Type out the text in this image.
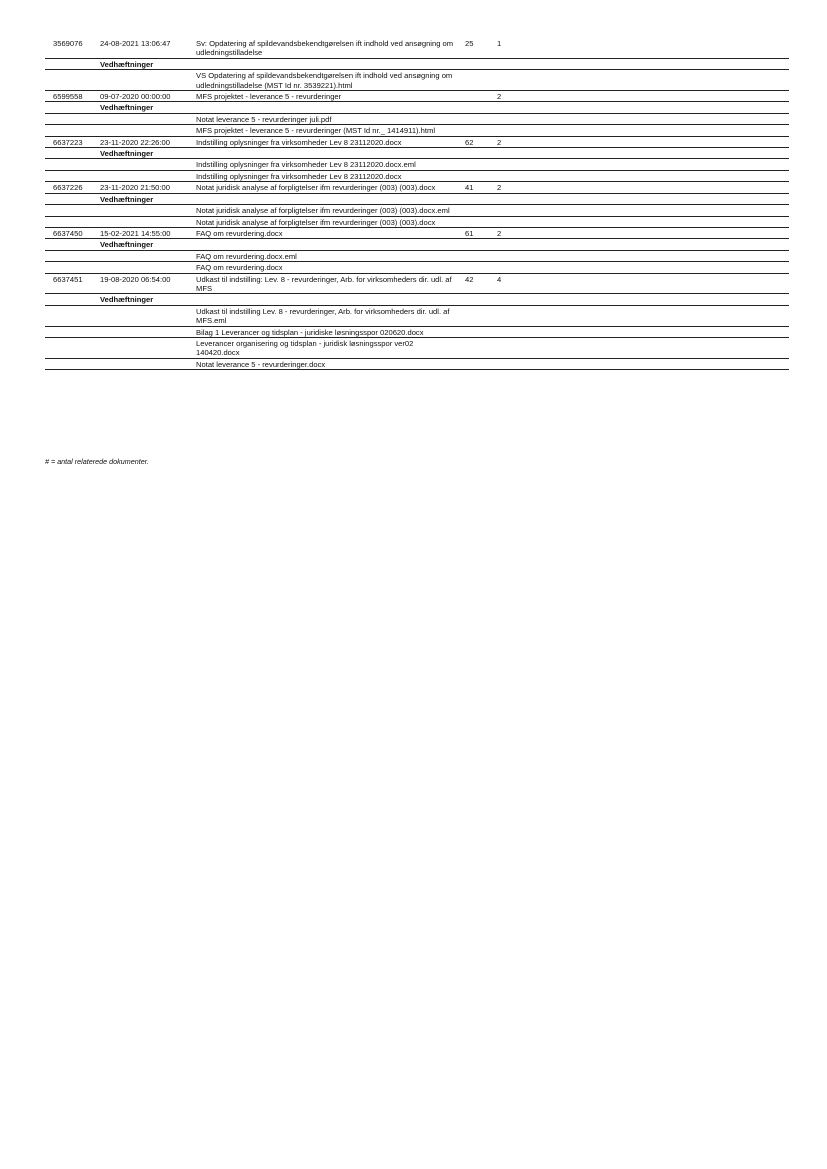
3569076	24-08-2021 13:06:47	Sv: Opdatering af spildevandsbekendtgørelsen ift indhold ved ansøgning om udledningstilladelse	25	1
	Vedhæftninger			
		VS Opdatering af spildevandsbekendtgørelsen ift indhold ved ansøgning om udledningstilladelse (MST Id nr. 3539221).html		
6599558	09-07-2020 00:00:00	MFS projektet - leverance 5 - revurderinger		2
	Vedhæftninger			
		Notat leverance 5 - revurderinger juli.pdf		
		MFS projektet - leverance 5 - revurderinger (MST Id nr._ 1414911).html		
6637223	23-11-2020 22:26:00	Indstilling oplysninger fra virksomheder Lev 8 23112020.docx	62	2
	Vedhæftninger			
		Indstilling oplysninger fra virksomheder Lev 8 23112020.docx.eml		
		Indstilling oplysninger fra virksomheder Lev 8 23112020.docx		
6637226	23-11-2020 21:50:00	Notat juridisk analyse af forpligtelser ifm revurderinger (003) (003).docx	41	2
	Vedhæftninger			
		Notat juridisk analyse af forpligtelser ifm revurderinger (003) (003).docx.eml		
		Notat juridisk analyse af forpligtelser ifm revurderinger (003) (003).docx		
6637450	15-02-2021 14:55:00	FAQ om revurdering.docx	61	2
	Vedhæftninger			
		FAQ om revurdering.docx.eml		
		FAQ om revurdering.docx		
6637451	19-08-2020 06:54:00	Udkast til indstilling: Lev. 8 - revurderinger, Arb. for virksomheders dir. udl. af MFS	42	4
	Vedhæftninger			
		Udkast til indstilling Lev. 8 - revurderinger, Arb. for virksomheders dir. udl. af MFS.eml		
		Bilag 1 Leverancer og tidsplan - juridiske løsningsspor 020620.docx		
		Leverancer organisering og tidsplan - juridisk løsningsspor ver02 140420.docx		
		Notat leverance 5 - revurderinger.docx		
# = antal relaterede dokumenter.
